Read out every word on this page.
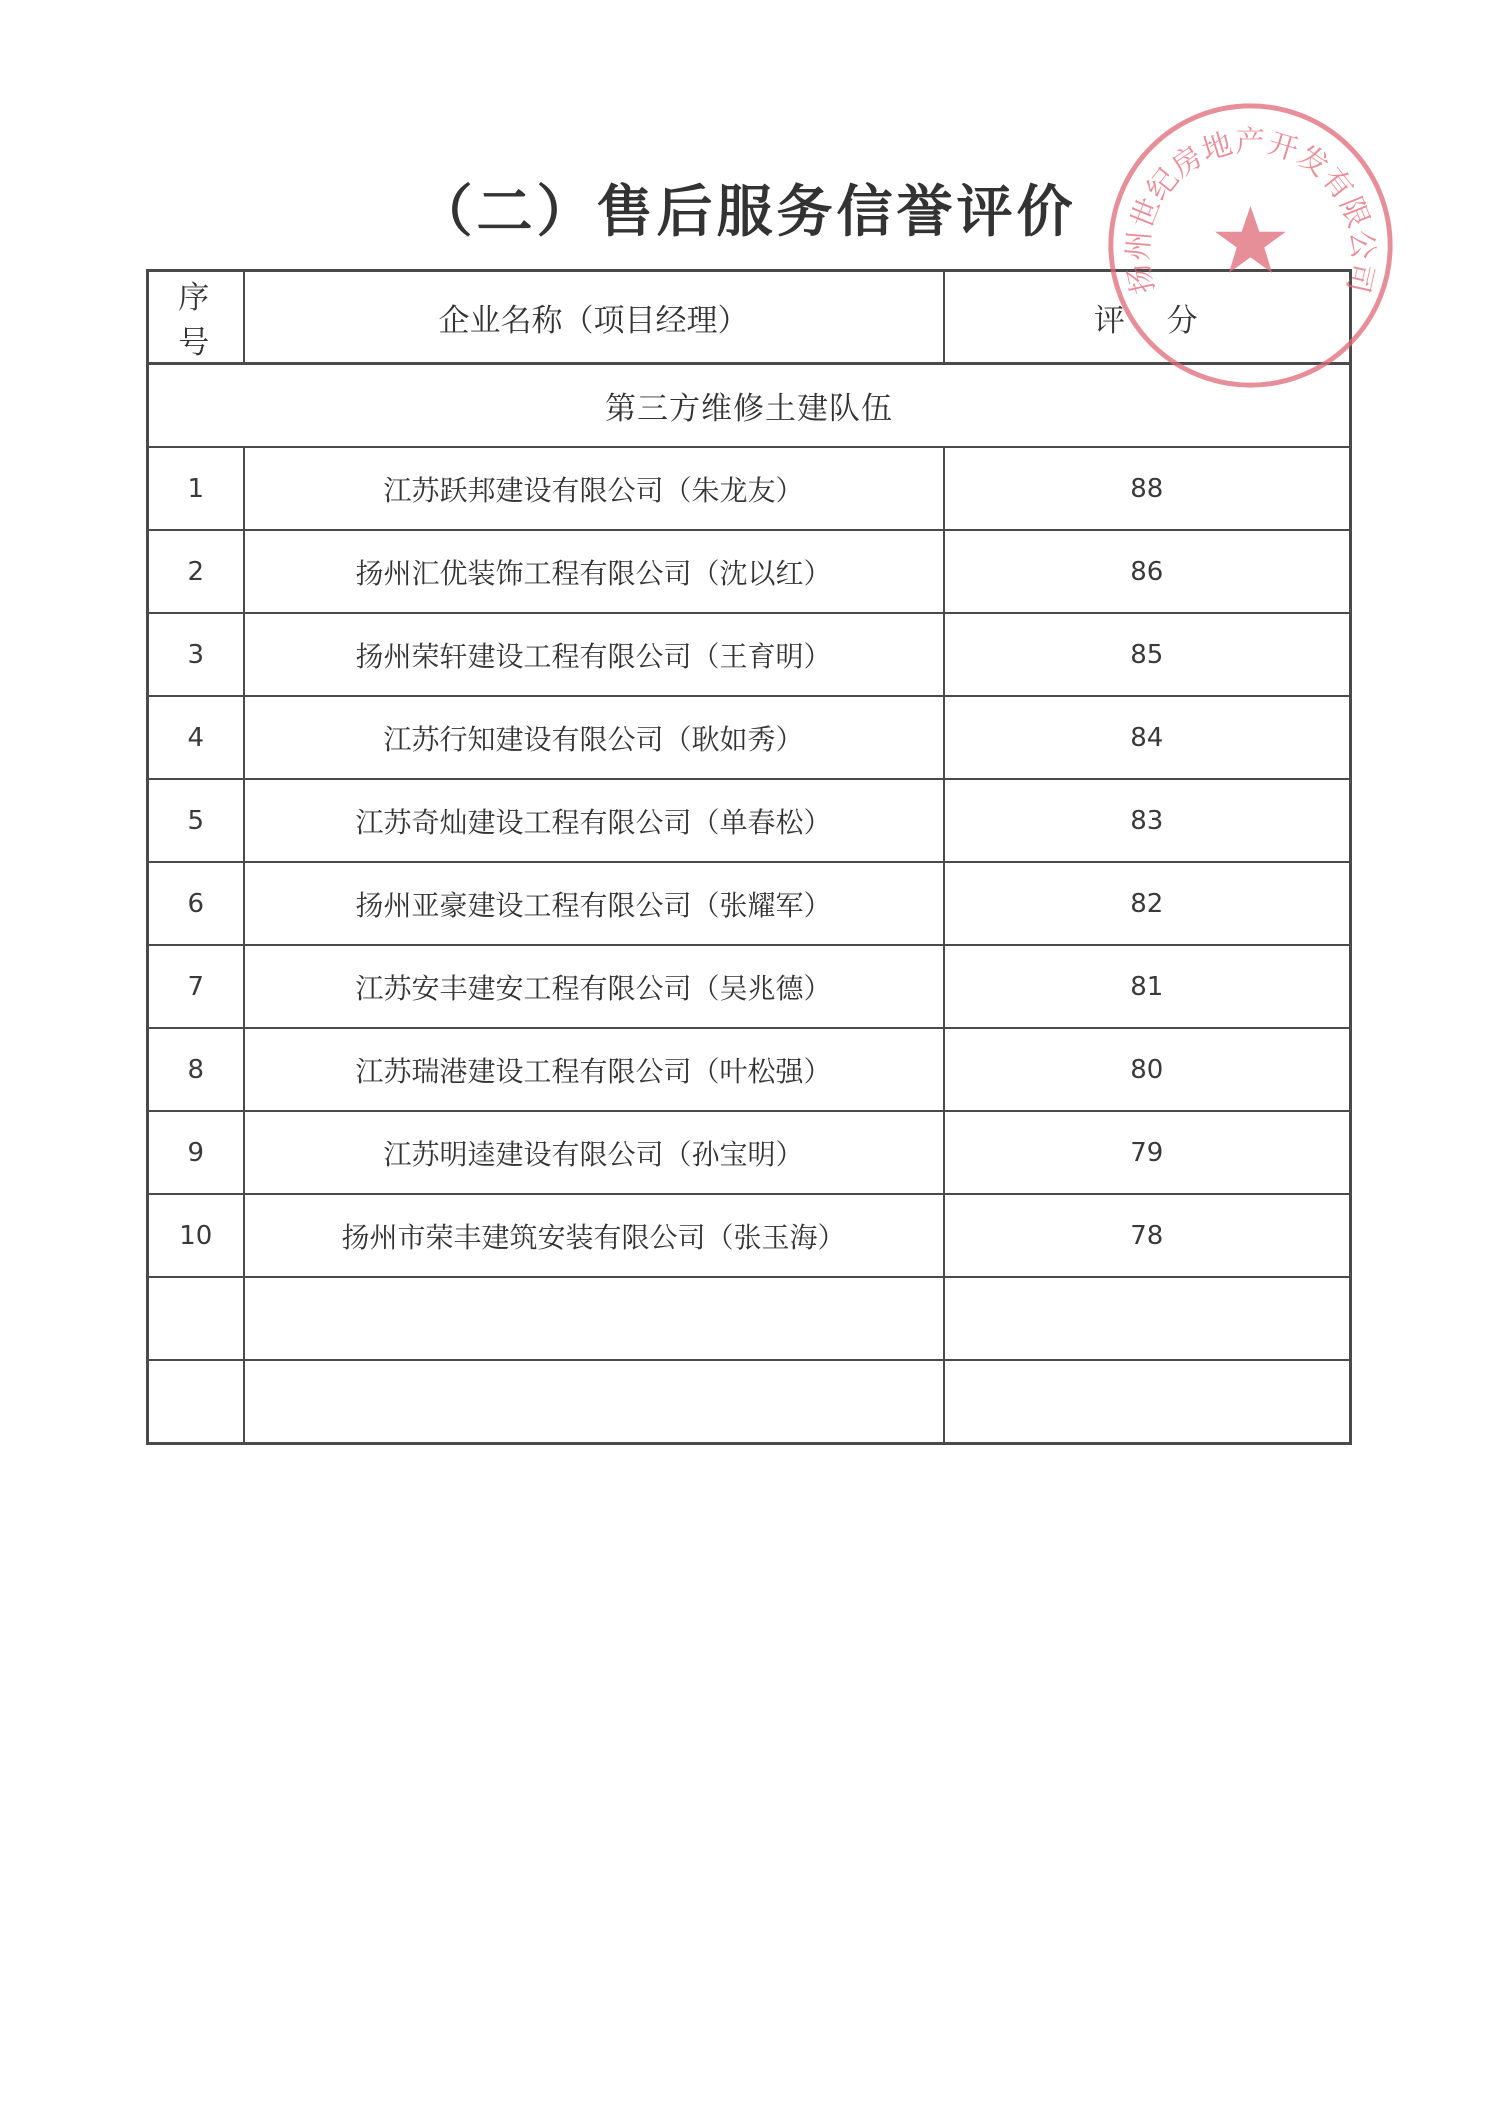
（二）售后服务信誉评价
序 号	企业名称（项目经理）	评 分
第三方维修土建队伍		
1	江苏跃邦建设有限公司（朱龙友）	88
2	扬州汇优装饰工程有限公司（沈以红）	86
3	扬州荣轩建设工程有限公司（王育明）	85
4	江苏行知建设有限公司（耿如秀）	84
5	江苏奇灿建设工程有限公司（单春松）	83
6	扬州亚豪建设工程有限公司（张耀军）	82
7	江苏安丰建安工程有限公司（吴兆德）	81
8	江苏瑞港建设工程有限公司（叶松强）	80
9	江苏明逵建设有限公司（孙宝明）	79
10	扬州市荣丰建筑安装有限公司（张玉海）	78

扬州世纪房地产开发有限公司
